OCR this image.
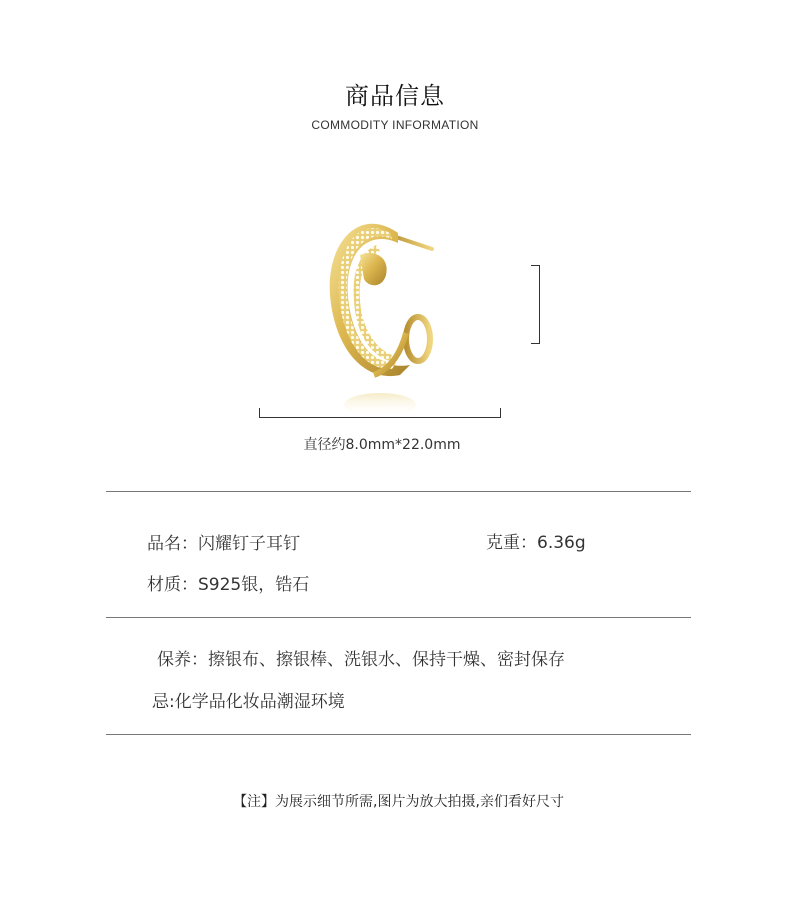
商品信息
COMMODITY INFORMATION
直径约8.0mm*22.0mm
品名：闪耀钉子耳钉	克重：6.36g
材质：S925银，锆石
保养：擦银布、擦银棒、洗银水、保持干燥、密封保存
忌:化学品化妆品潮湿环境
【注】为展示细节所需,图片为放大拍摄,亲们看好尺寸
